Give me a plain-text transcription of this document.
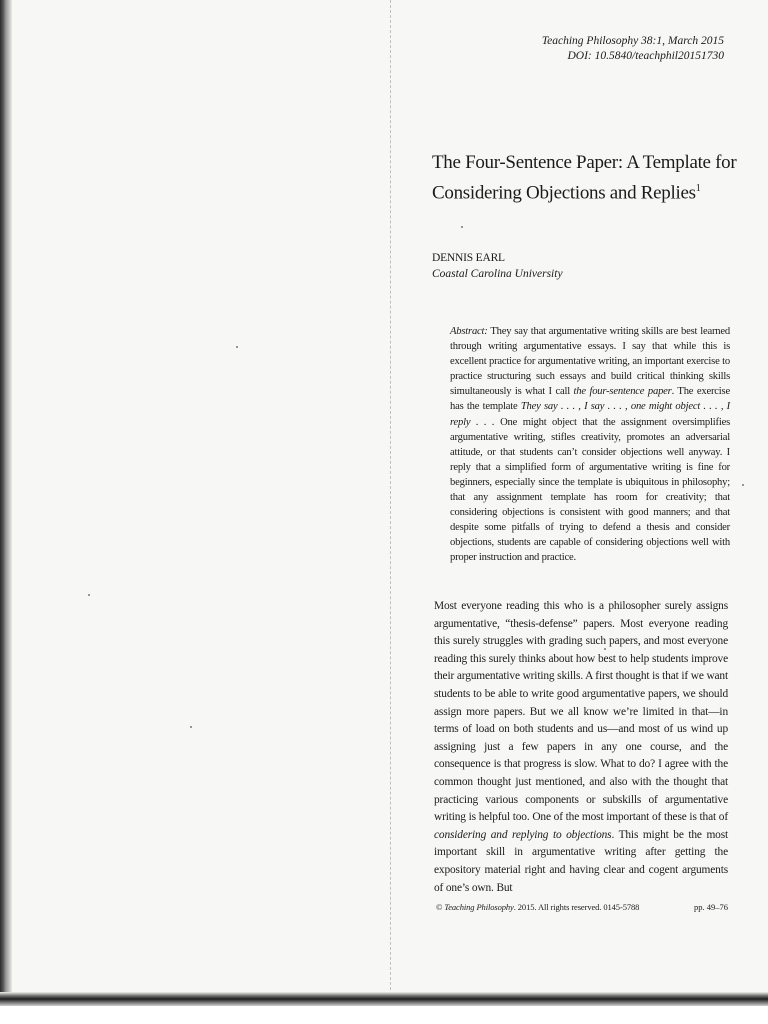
Teaching Philosophy 38:1, March 2015
DOI: 10.5840/teachphil20151730
The Four-Sentence Paper: A Template for
Considering Objections and Replies$^1$
DENNIS EARL
Coastal Carolina University
Abstract: They say that argumentative writing skills are best learned through writing argumentative essays. I say that while this is excellent practice for argumentative writing, an important exercise to practice structuring such essays and build critical thinking skills simultaneously is what I call the four-sentence paper. The exercise has the template They say . . . , I say . . . , one might object . . . , I reply . . . One might object that the assignment oversimplifies argumentative writing, stifles creativity, promotes an adversarial attitude, or that students can’t consider objections well anyway. I reply that a simplified form of argumentative writing is fine for beginners, especially since the template is ubiquitous in philosophy; that any assignment template has room for creativity; that considering objections is consistent with good manners; and that despite some pitfalls of trying to defend a thesis and consider objections, students are capable of considering objections well with proper instruction and practice.
Most everyone reading this who is a philosopher surely assigns argumentative, “thesis-defense” papers. Most everyone reading this surely struggles with grading such papers, and most everyone reading this surely thinks about how best to help students improve their argumentative writing skills. A first thought is that if we want students to be able to write good argumentative papers, we should assign more papers. But we all know we’re limited in that—in terms of load on both students and us—and most of us wind up assigning just a few papers in any one course, and the consequence is that progress is slow. What to do? I agree with the common thought just mentioned, and also with the thought that practicing various components or subskills of argumentative writing is helpful too. One of the most important of these is that of considering and replying to objections. This might be the most important skill in argumentative writing after getting the expository material right and having clear and cogent arguments of one’s own. But
© Teaching Philosophy. 2015. All rights reserved. 0145-5788	pp. 49–76
